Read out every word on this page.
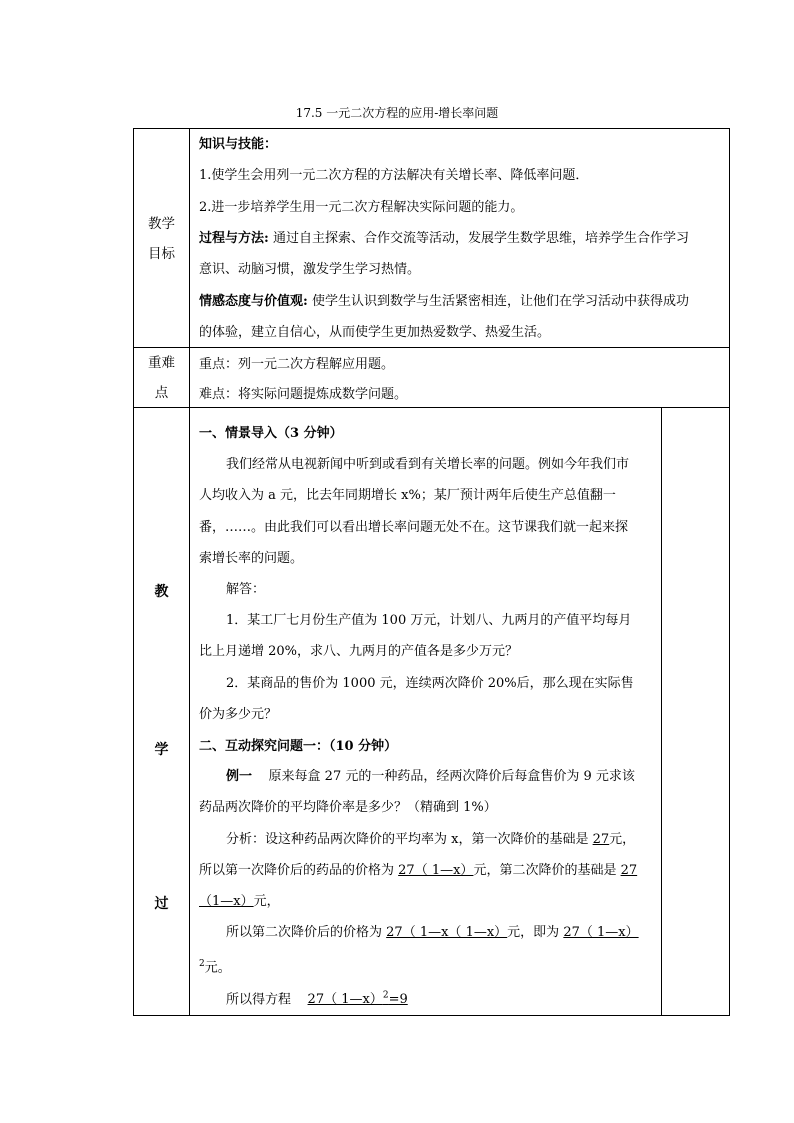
17.5 一元二次方程的应用-增长率问题
教学
目标
知识与技能：
1.使学生会用列一元二次方程的方法解决有关增长率、降低率问题．
2.进一步培养学生用一元二次方程解决实际问题的能力。
过程与方法: 通过自主探索、合作交流等活动，发展学生数学思维，培养学生合作学习
意识、动脑习惯，激发学生学习热情。
情感态度与价值观: 使学生认识到数学与生活紧密相连，让他们在学习活动中获得成功
的体验，建立自信心，从而使学生更加热爱数学、热爱生活。
重难
点
重点：列一元二次方程解应用题。
难点：将实际问题提炼成数学问题。
教
学
过
一、情景导入（3 分钟）
我们经常从电视新闻中听到或看到有关增长率的问题。例如今年我们市
人均收入为 a 元，比去年同期增长 x%；某厂预计两年后使生产总值翻一
番，……。由此我们可以看出增长率问题无处不在。这节课我们就一起来探
索增长率的问题。
解答：
1．某工厂七月份生产值为 100 万元，计划八、九两月的产值平均每月
比上月递增 20%，求八、九两月的产值各是多少万元？
2．某商品的售价为 1000 元，连续两次降价 20%后，那么现在实际售
价为多少元？
二、互动探究问题一：（10 分钟）
例一 原来每盒 27 元的一种药品，经两次降价后每盒售价为 9 元求该
药品两次降价的平均降价率是多少？（精确到 1%）
分析：设这种药品两次降价的平均率为 x，第一次降价的基础是 27元，
所以第一次降价后的药品的价格为 27（ 1—x）元，第二次降价的基础是 27
（1—x）元，
所以第二次降价后的价格为 27（ 1—x（ 1—x）元，即为 27（ 1—x）
$^2$元。
所以得方程 27（ 1—x）$^2$=9
